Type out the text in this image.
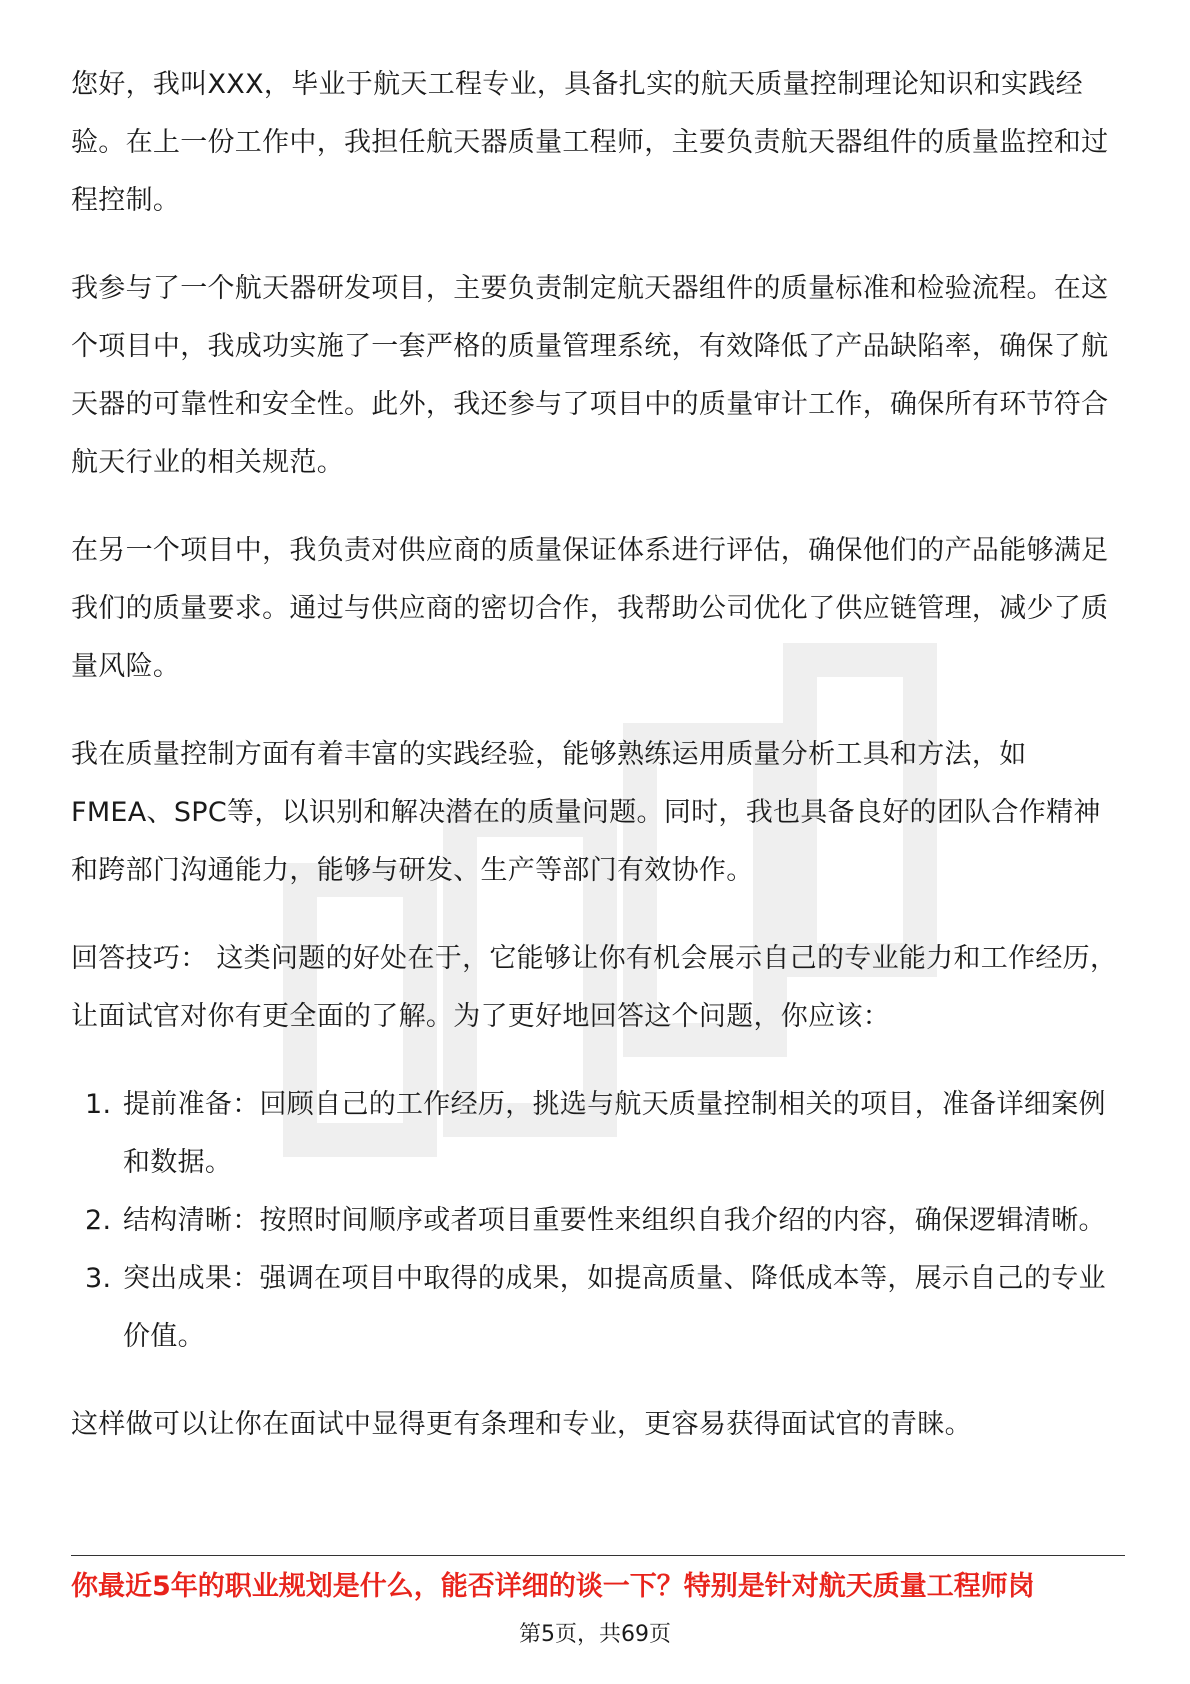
您好，我叫XXX，毕业于航天工程专业，具备扎实的航天质量控制理论知识和实践经验。在上一份工作中，我担任航天器质量工程师，主要负责航天器组件的质量监控和过程控制。

我参与了一个航天器研发项目，主要负责制定航天器组件的质量标准和检验流程。在这个项目中，我成功实施了一套严格的质量管理系统，有效降低了产品缺陷率，确保了航天器的可靠性和安全性。此外，我还参与了项目中的质量审计工作，确保所有环节符合航天行业的相关规范。

在另一个项目中，我负责对供应商的质量保证体系进行评估，确保他们的产品能够满足我们的质量要求。通过与供应商的密切合作，我帮助公司优化了供应链管理，减少了质量风险。

我在质量控制方面有着丰富的实践经验，能够熟练运用质量分析工具和方法，如FMEA、SPC等，以识别和解决潜在的质量问题。同时，我也具备良好的团队合作精神和跨部门沟通能力，能够与研发、生产等部门有效协作。

回答技巧： 这类问题的好处在于，它能够让你有机会展示自己的专业能力和工作经历，让面试官对你有更全面的了解。为了更好地回答这个问题，你应该：

1. 提前准备：回顾自己的工作经历，挑选与航天质量控制相关的项目，准备详细案例和数据。
2. 结构清晰：按照时间顺序或者项目重要性来组织自我介绍的内容，确保逻辑清晰。
3. 突出成果：强调在项目中取得的成果，如提高质量、降低成本等，展示自己的专业价值。

这样做可以让你在面试中显得更有条理和专业，更容易获得面试官的青睐。

你最近5年的职业规划是什么，能否详细的谈一下？特别是针对航天质量工程师岗
第5页，共69页
